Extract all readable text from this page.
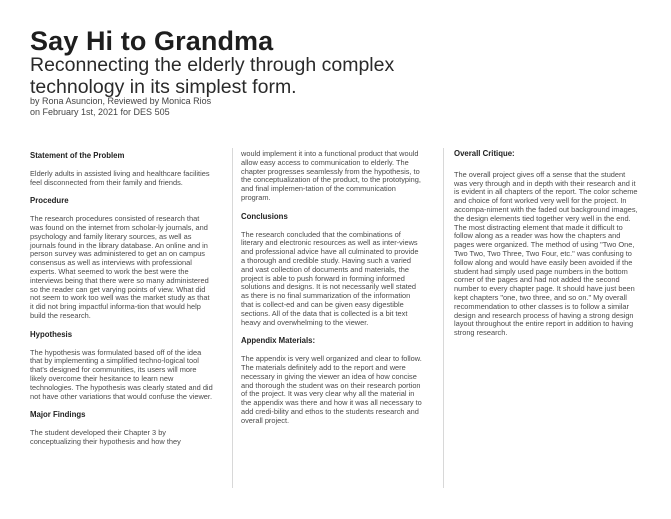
Say Hi to Grandma
Reconnecting the elderly through complex
technology in its simplest form.
by Rona Asuncion, Reviewed by Monica Rios
on February 1st, 2021 for DES 505
Statement of the Problem

Elderly adults in assisted living and healthcare facilities feel disconnected from their family and friends.

Procedure

The research procedures consisted of research that was found on the internet from scholar-ly journals, and psychology and family literary sources, as well as journals found in the library database. An online and in person survey was administered to get an on campus consensus as well as interviews with professional experts. What seemed to work the best were the interviews being that there were so many administered so the reader can get varying points of view. What did not seem to work too well was the market study as that it did not bring impactful informa-tion that would help build the research.

Hypothesis

The hypothesis was formulated based off of the idea that by implementing a simplified techno-logical tool that's designed for communities, its users will more likely overcome their hesitance to learn new technologies. The hypothesis was clearly stated and did not have other variations that would confuse the viewer.

Major Findings

The student developed their Chapter 3 by conceptualizing their hypothesis and how they

would implement it into a functional product that would allow easy access to communication to elderly. The chapter progresses seamlessly from the hypothesis, to the conceptualization of the product, to the prototyping, and final implemen-tation of the communication program.

Conclusions

The research concluded that the combinations of literary and electronic resources as well as inter-views and professional advice have all culminated to provide a thorough and credible study. Having such a varied and vast collection of documents and materials, the project is able to push forward in forming informed solutions and designs. It is not necessarily well stated as there is no final summarization of the information that is collect-ed and can be given easy digestible sections. All of the data that is collected is a bit text heavy and overwhelming to the viewer.

Appendix Materials:

The appendix is very well organized and clear to follow. The materials definitely add to the report and were necessary in giving the viewer an idea of how concise and thorough the student was on their research portion of the project. It was very clear why all the material in the appendix was there and how it was all necessary to add credi-bility and ethos to the students research and overall project.

Overall Critique:

The overall project gives off a sense that the student was very through and in depth with their research and it is evident in all chapters of the report. The color scheme and choice of font worked very well for the project. In accompa-niment with the faded out background images, the design elements tied together very well in the end. The most distracting element that made it difficult to follow along as a reader was how the chapters and pages were organized. The method of using "Two One, Two Two, Two Three, Two Four, etc." was confusing to follow along and would have easily been avoided if the student had simply used page numbers in the bottom corner of the pages and had not added the second number to every chapter page. It should have just been kept chapters "one, two three, and so on." My overall recommendation to other classes is to follow a similar design and research process of having a strong design layout throughout the entire report in addition to having strong research.
